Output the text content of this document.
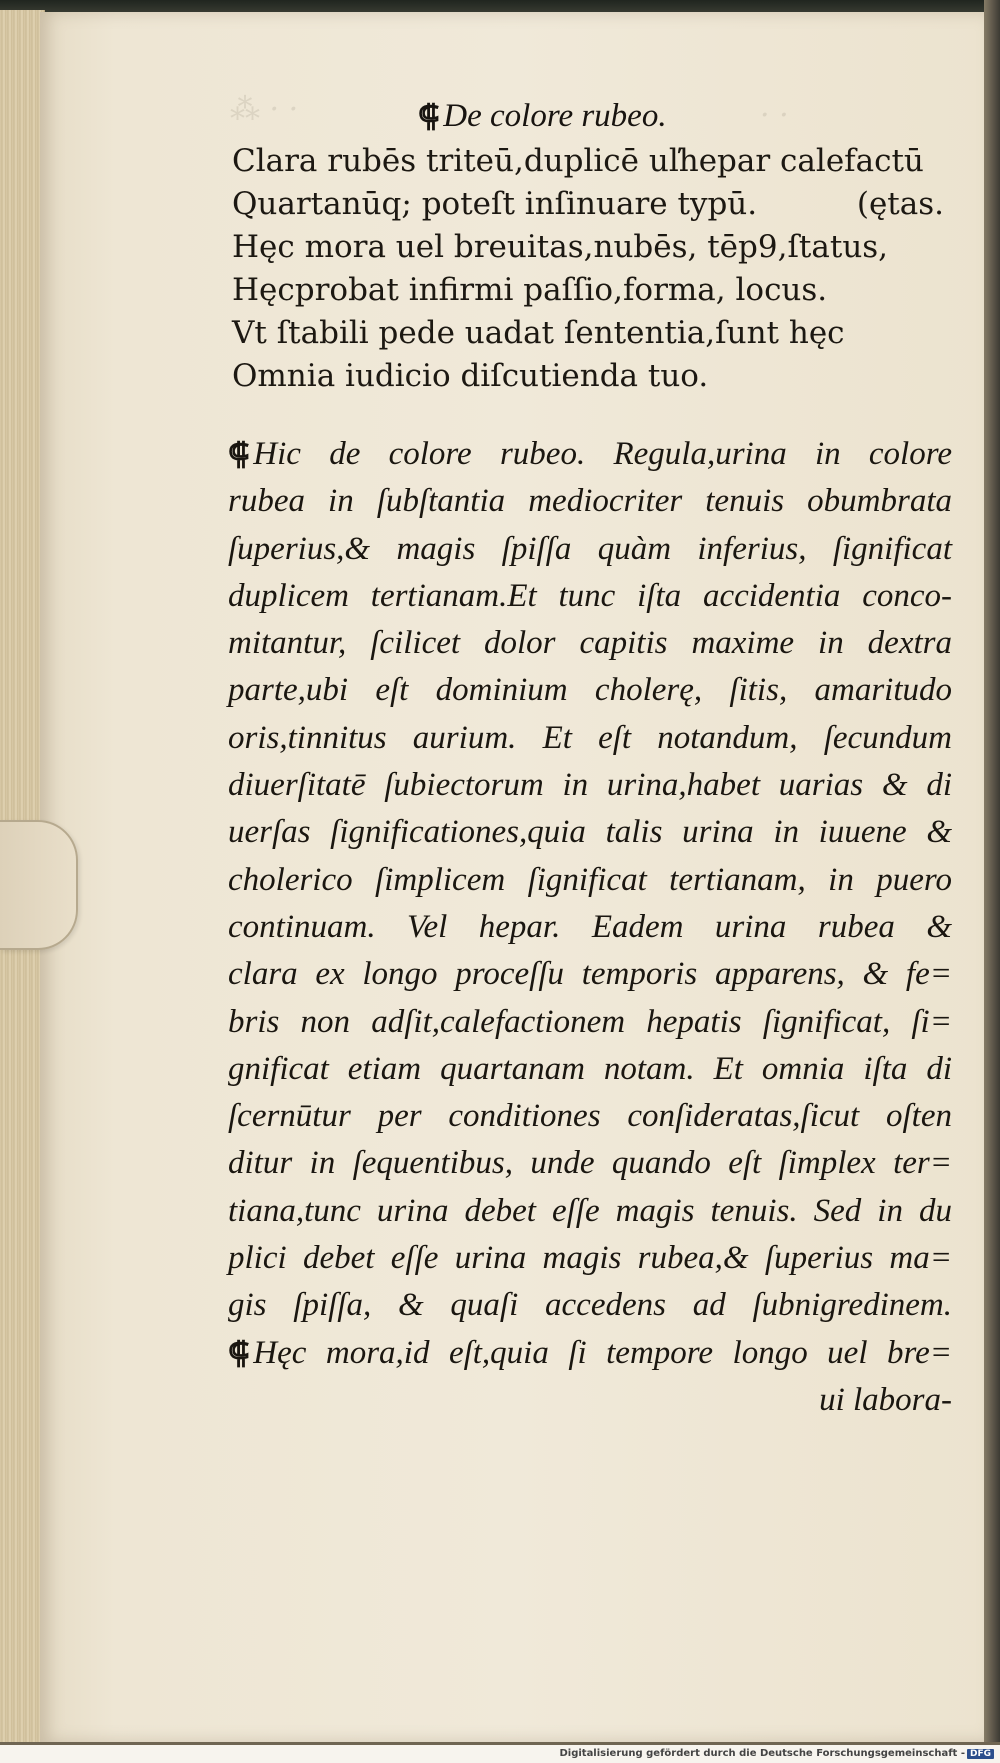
⁂ · ·	· ·
⸿ De colore rubeo.
Clara rubēs triteū,duplicē uľhepar calefactū
Quartanūq; poteſt inſinuare typū.	(ętas.
Hęc mora uel breuitas,nubēs, tēp9,ſtatus,
Hęcprobat infirmi paſſio,forma, locus.
Vt ſtabili pede uadat ſententia,ſunt hęc
Omnia iudicio diſcutienda tuo.
⸿ Hic de colore rubeo. Regula,urina in colore
rubea in ſubſtantia mediocriter tenuis obumbrata
ſuperius,& magis ſpiſſa quàm inferius, ſignificat
duplicem tertianam.Et tunc iſta accidentia conco-
mitantur, ſcilicet dolor capitis maxime in dextra
parte,ubi eſt dominium cholerę, ſitis, amaritudo
oris,tinnitus aurium. Et eſt notandum, ſecundum
diuerſitatē ſubiectorum in urina,habet uarias & di
uerſas ſignificationes,quia talis urina in iuuene &
cholerico ſimplicem ſignificat tertianam, in puero
continuam. Vel hepar. Eadem urina rubea &
clara ex longo proceſſu temporis apparens, & fe=
bris non adſit,calefactionem hepatis ſignificat, ſi=
gnificat etiam quartanam notam. Et omnia iſta di
ſcernūtur per conditiones conſideratas,ſicut oſten
ditur in ſequentibus, unde quando eſt ſimplex ter=
tiana,tunc urina debet eſſe magis tenuis. Sed in du
plici debet eſſe urina magis rubea,& ſuperius ma=
gis ſpiſſa, & quaſi accedens ad ſubnigredinem.
⸿ Hęc mora,id eſt,quia ſi tempore longo uel bre=
ui labora-
Digitalisierung gefördert durch die Deutsche Forschungsgemeinschaft - DFG
